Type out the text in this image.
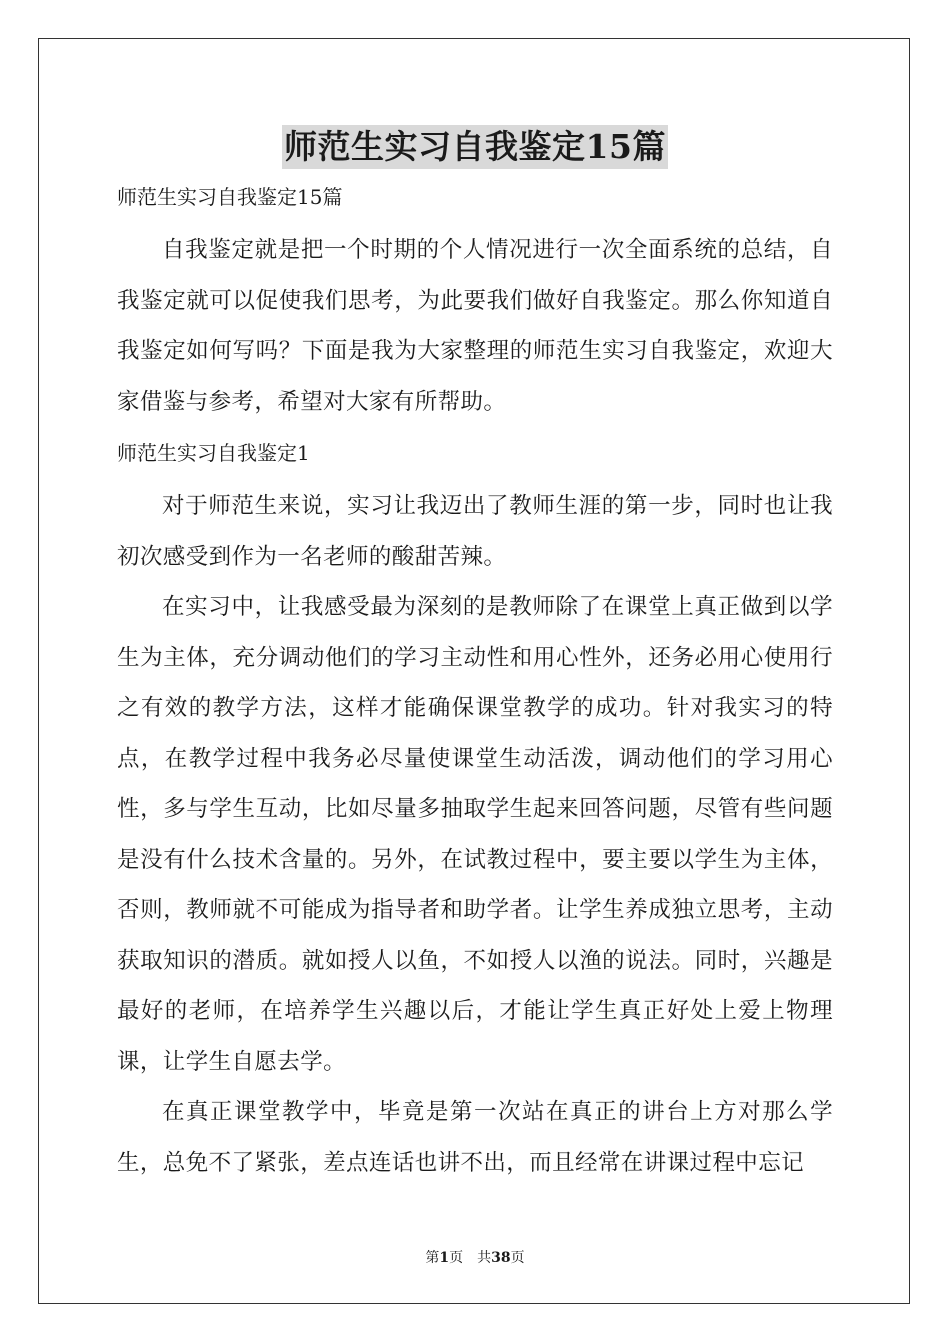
师范生实习自我鉴定15篇
师范生实习自我鉴定15篇

自我鉴定就是把一个时期的个人情况进行一次全面系统的总结，自我鉴定就可以促使我们思考，为此要我们做好自我鉴定。那么你知道自我鉴定如何写吗？下面是我为大家整理的师范生实习自我鉴定，欢迎大家借鉴与参考，希望对大家有所帮助。

师范生实习自我鉴定1

对于师范生来说，实习让我迈出了教师生涯的第一步，同时也让我初次感受到作为一名老师的酸甜苦辣。

在实习中，让我感受最为深刻的是教师除了在课堂上真正做到以学生为主体，充分调动他们的学习主动性和用心性外，还务必用心使用行之有效的教学方法，这样才能确保课堂教学的成功。针对我实习的特点，在教学过程中我务必尽量使课堂生动活泼，调动他们的学习用心性，多与学生互动，比如尽量多抽取学生起来回答问题，尽管有些问题是没有什么技术含量的。另外，在试教过程中，要主要以学生为主体，否则，教师就不可能成为指导者和助学者。让学生养成独立思考，主动获取知识的潜质。就如授人以鱼，不如授人以渔的说法。同时，兴趣是最好的老师，在培养学生兴趣以后，才能让学生真正好处上爱上物理课，让学生自愿去学。

在真正课堂教学中，毕竟是第一次站在真正的讲台上方对那么学生，总免不了紧张，差点连话也讲不出，而且经常在讲课过程中忘记

第1页　共38页
